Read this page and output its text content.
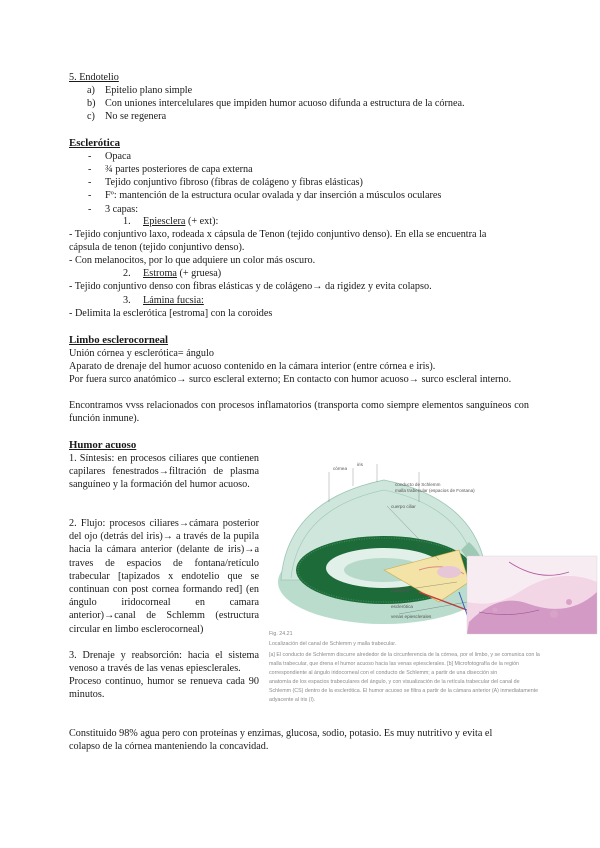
5. Endotelio
a) Epitelio plano simple
b) Con uniones intercelulares que impiden humor acuoso difunda a estructura de la córnea.
c) No se regenera
Esclerótica
- Opaca
- ¾ partes posteriores de capa externa
- Tejido conjuntivo fibroso (fibras de colágeno y fibras elásticas)
- Fº: mantención de la estructura ocular ovalada y dar inserción a músculos oculares
- 3 capas:
1. Epiesclera (+ ext):
- Tejido conjuntivo laxo, rodeada x cápsula de Tenon (tejido conjuntivo denso). En ella se encuentra la
cápsula de tenon (tejido conjuntivo denso).
- Con melanocitos, por lo que adquiere un color más oscuro.
2. Estroma (+ gruesa)
- Tejido conjuntivo denso con fibras elásticas y de colágeno→ da rigidez y evita colapso.
3. Lámina fucsia:
- Delimita la esclerótica [estroma] con la coroides
Limbo esclerocorneal
Unión córnea y esclerótica= ángulo
Aparato de drenaje del humor acuoso contenido en la cámara interior (entre córnea e iris).
Por fuera surco anatómico→ surco escleral externo; En contacto con humor acuoso→ surco escleral interno.
Encontramos vvss relacionados con procesos inflamatorios (transporta como siempre elementos sanguíneos con función inmune).
Humor acuoso
1. Síntesis: en procesos ciliares que contienen capilares fenestrados→filtración de plasma sanguíneo y la formación del humor acuoso.
2. Flujo: procesos ciliares→cámara posterior del ojo (detrás del iris)→ a través de la pupila hacia la cámara anterior (delante de iris)→a traves de espacios de fontana/retículo trabecular [tapizados x endotelio que se continuan con post cornea formando red] (en ángulo iridocorneal en camara anterior)→canal de Schlemm (estructura circular en limbo esclerocorneal)
3. Drenaje y reabsorción: hacia el sistema venoso a través de las venas epiesclerales.
Proceso continuo, humor se renueva cada 90 minutos.
córnea
iris
conducto de Schlemm
malla trabecular (espacios de Fontana)
cuerpo ciliar
cristalino
esclerótica
venas epiesclerales
Fig. 24.21
Localización del canal de Schlemm y malla trabecular.
[a] El conducto de Schlemm discurre alrededor de la circunferencia de la córnea, por el limbo, y se comunica con la
malla trabecular, que drena el humor acuoso hacia las venas epiesclerales. [b] Microfotografía de la región
correspondiente al ángulo iridocorneal con el conducto de Schlemm; a partir de una disección sin
anatomía de los espacios trabeculares del ángulo, y con visualización de la retícula trabecular del canal de
Schlemm (CS) dentro de la esclerótica. El humor acuoso se filtra a partir de la cámara anterior (A) inmediatamente
adyacente al iris (I).
Constituido 98% agua pero con proteínas y enzimas, glucosa, sodio, potasio. Es muy nutritivo y evita el
colapso de la córnea manteniendo la concavidad.
